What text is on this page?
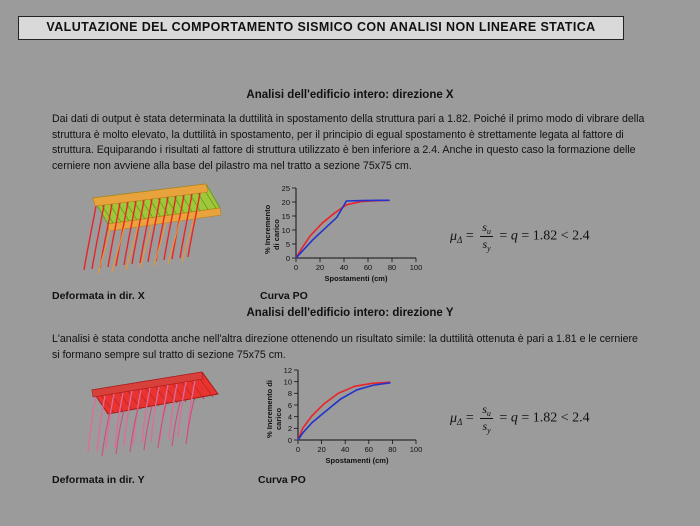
VALUTAZIONE DEL COMPORTAMENTO SISMICO CON ANALISI NON LINEARE STATICA
Analisi dell'edificio intero: direzione X
Dai dati di output è stata determinata la duttilità in spostamento della struttura pari a 1.82. Poiché il primo modo di vibrare della struttura è molto elevato, la duttilità in spostamento, per il principio di egual spostamento è strettamente legata al fattore di struttura. Equiparando i risultati al fattore di struttura utilizzato è ben inferiore a 2.4. Anche in questo caso la formazione delle cerniere non avviene alla base del pilastro ma nel tratto a sezione 75x75 cm.
Deformata in dir. X	Curva PO
% Incremento di carico
0
5
10
15
20
25
0 20 40 60 80 100
Spostamenti (cm)
$\mu_\Delta = \frac{s_u}{s_y} = q = 1.82 < 2.4$
Analisi dell'edificio intero: direzione Y
L'analisi è stata condotta anche nell'altra direzione ottenendo un risultato simile: la duttilità ottenuta è pari a 1.81 e le cerniere si formano sempre sul tratto di sezione 75x75 cm.
Deformata in dir. Y	Curva PO
% Incremento di carico
0
2
4
6
8
10
12
0 20 40 60 80 100
Spostamenti (cm)
$\mu_\Delta = \frac{s_u}{s_y} = q = 1.82 < 2.4$
